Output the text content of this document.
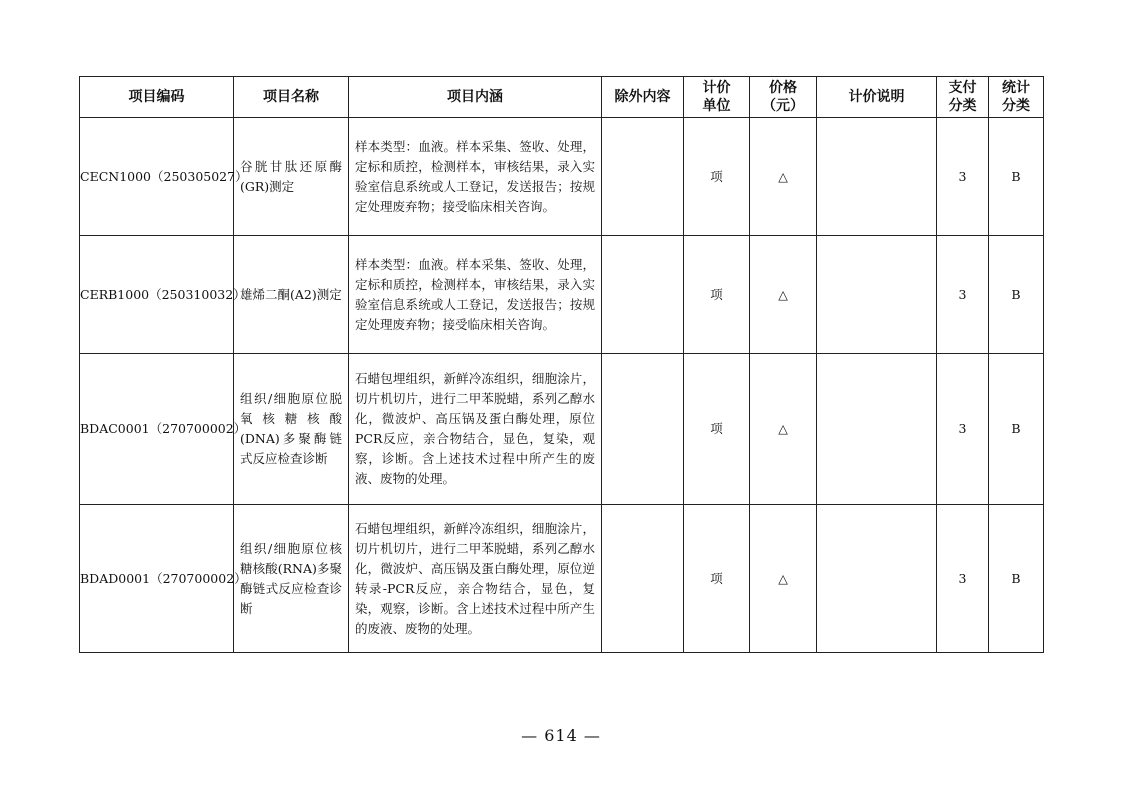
项目编码	项目名称	项目内涵	除外内容	计价单位	价格（元）	计价说明	支付分类	统计分类
CECN1000（250305027）	谷胱甘肽还原酶(GR)测定	样本类型：血液。样本采集、签收、处理，定标和质控，检测样本，审核结果，录入实验室信息系统或人工登记，发送报告；按规定处理废弃物；接受临床相关咨询。		项	△		3	B
CERB1000（250310032）	雄烯二酮(A2)测定	样本类型：血液。样本采集、签收、处理，定标和质控，检测样本，审核结果，录入实验室信息系统或人工登记，发送报告；按规定处理废弃物；接受临床相关咨询。		项	△		3	B
BDAC0001（270700002）	组织/细胞原位脱氧核糖核酸(DNA)多聚酶链式反应检查诊断	石蜡包埋组织，新鲜冷冻组织，细胞涂片，切片机切片，进行二甲苯脱蜡，系列乙醇水化，微波炉、高压锅及蛋白酶处理，原位PCR反应，亲合物结合，显色，复染，观察，诊断。含上述技术过程中所产生的废液、废物的处理。		项	△		3	B
BDAD0001（270700002）	组织/细胞原位核糖核酸(RNA)多聚酶链式反应检查诊断	石蜡包埋组织，新鲜冷冻组织，细胞涂片，切片机切片，进行二甲苯脱蜡，系列乙醇水化，微波炉、高压锅及蛋白酶处理，原位逆转录-PCR反应，亲合物结合，显色，复染，观察，诊断。含上述技术过程中所产生的废液、废物的处理。		项	△		3	B
— 614 —
